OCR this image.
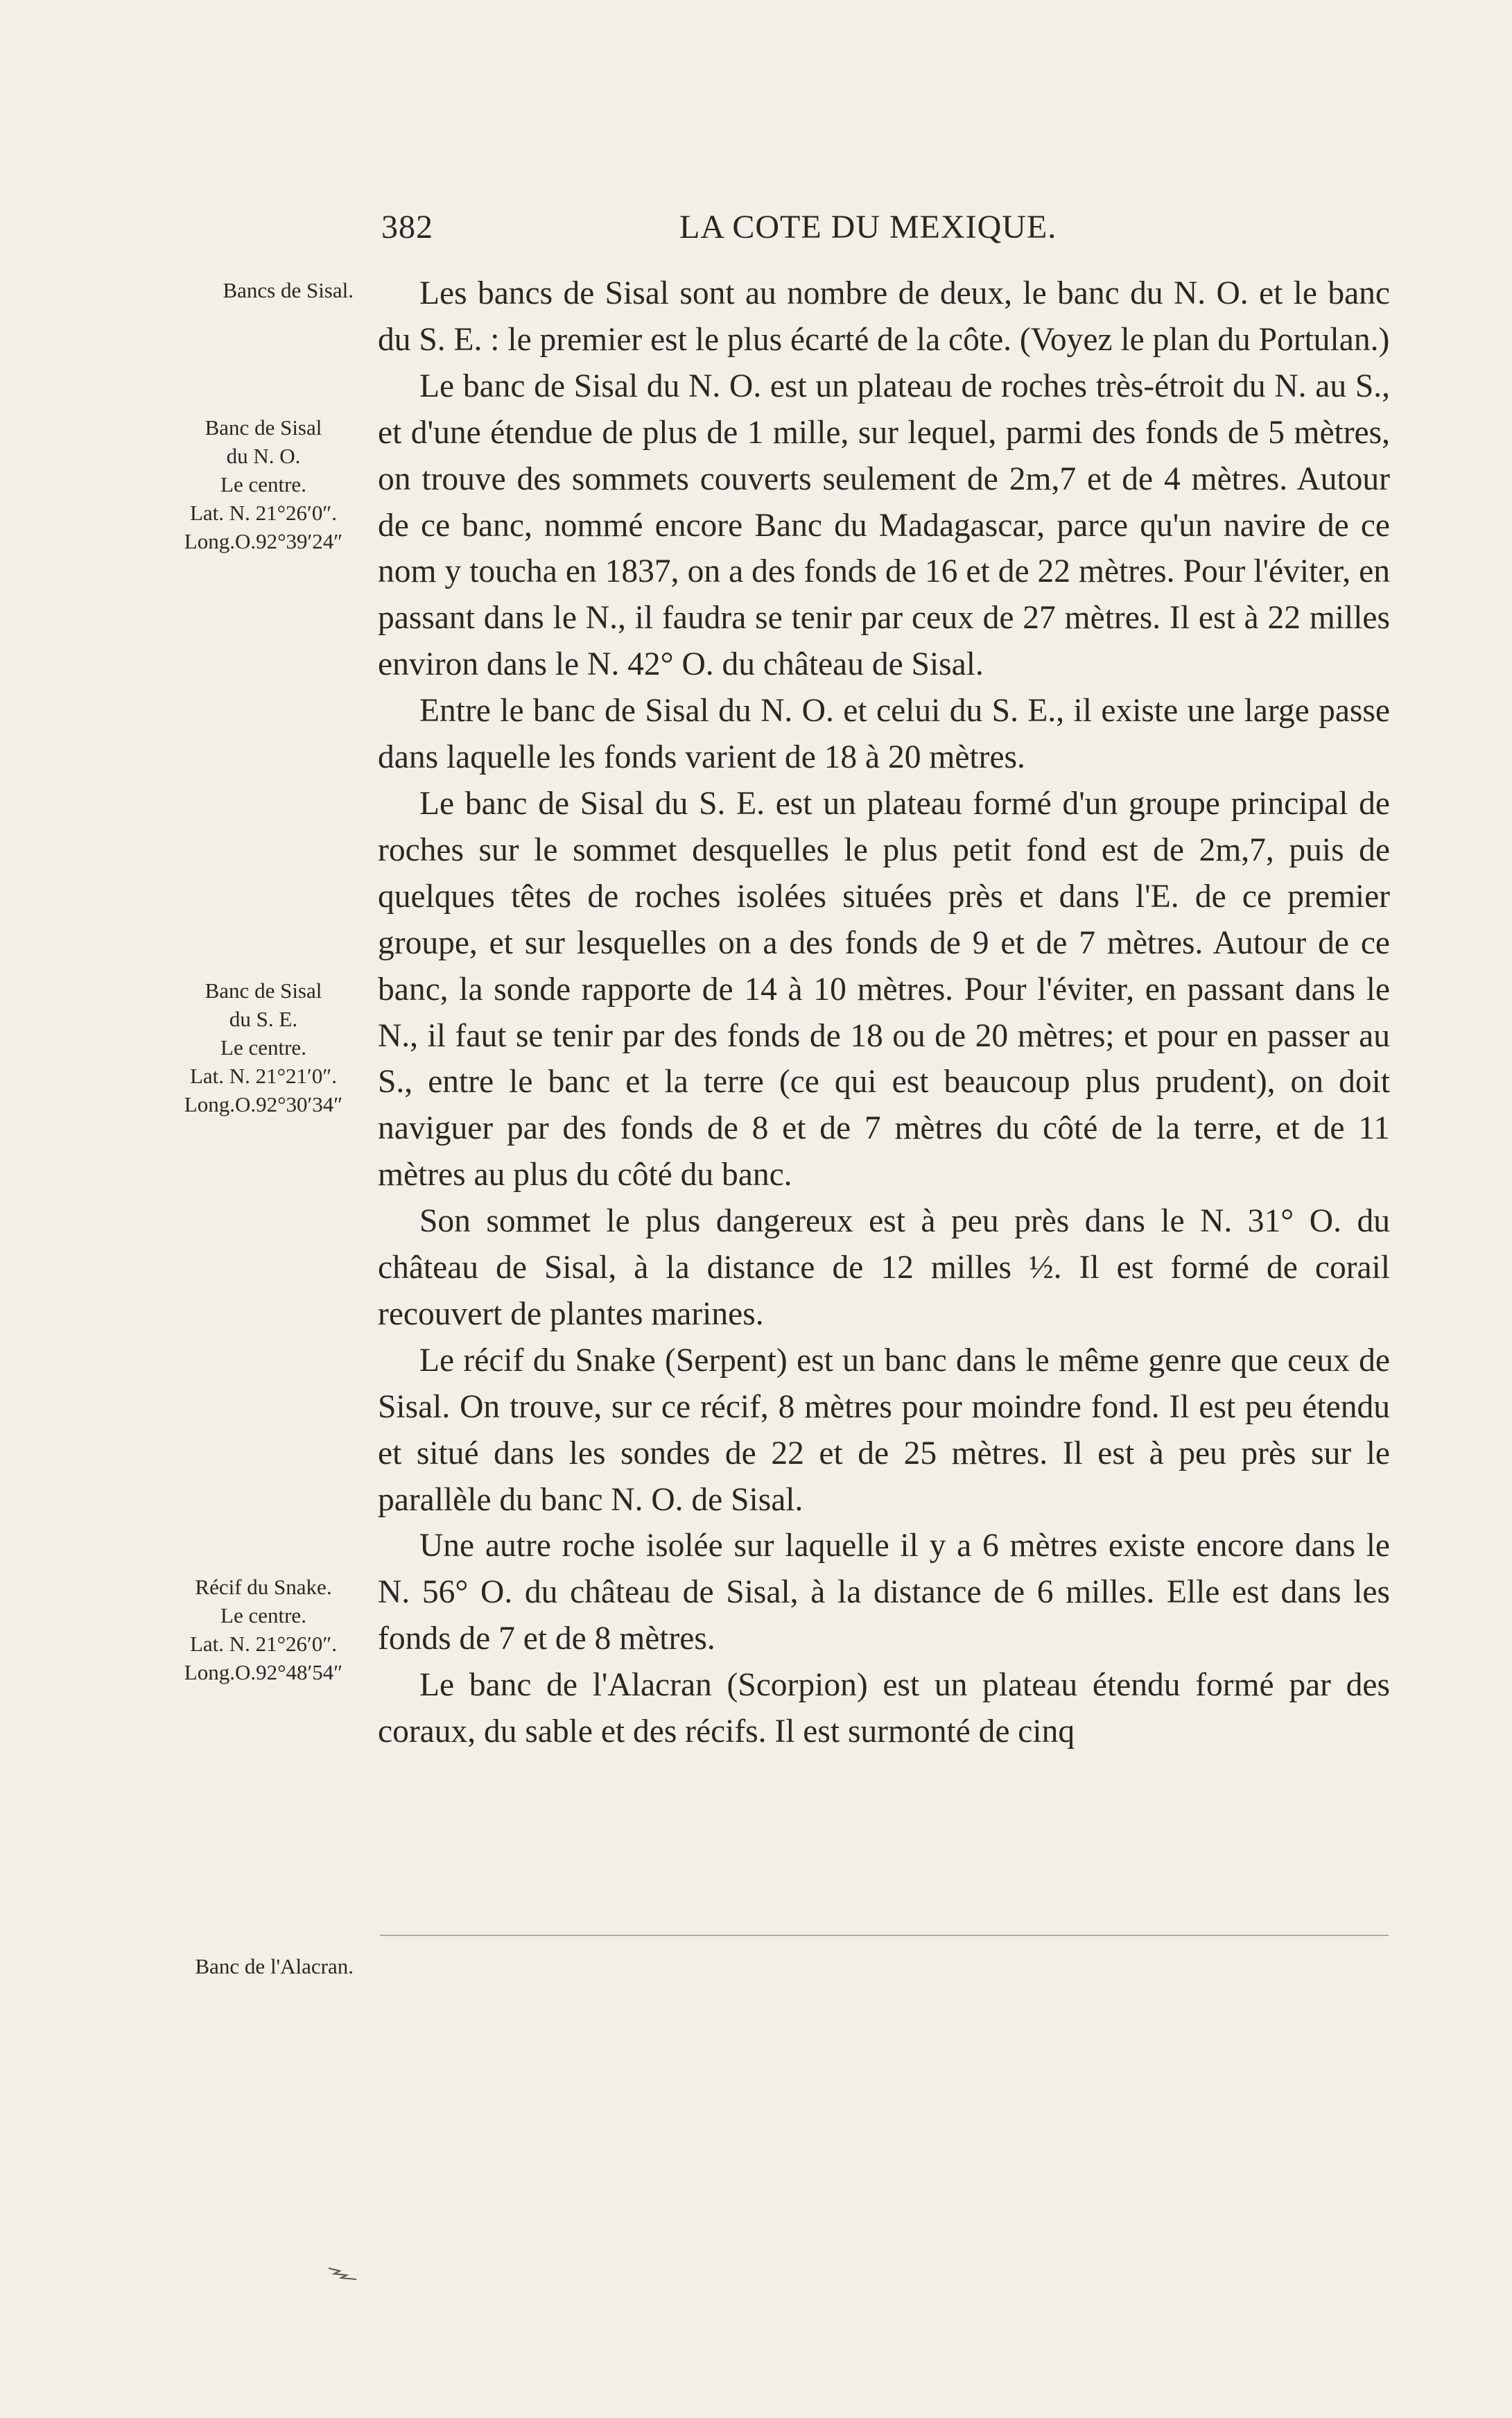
382	LA COTE DU MEXIQUE.
Bancs de Sisal.
Banc de Sisal
du N. O.
Le centre.
Lat. N. 21°26′0″.
Long.O.92°39′24″
Banc de Sisal
du S. E.
Le centre.
Lat. N. 21°21′0″.
Long.O.92°30′34″
Récif du Snake.
Le centre.
Lat. N. 21°26′0″.
Long.O.92°48′54″
Banc de l'Alacran.

Les bancs de Sisal sont au nombre de deux, le banc du N. O. et le banc du S. E. : le premier est le plus écarté de la côte. (Voyez le plan du Portulan.)

Le banc de Sisal du N. O. est un plateau de roches très-étroit du N. au S., et d'une étendue de plus de 1 mille, sur lequel, parmi des fonds de 5 mètres, on trouve des sommets couverts seulement de 2m,7 et de 4 mètres. Autour de ce banc, nommé encore Banc du Madagascar, parce qu'un navire de ce nom y toucha en 1837, on a des fonds de 16 et de 22 mètres. Pour l'éviter, en passant dans le N., il faudra se tenir par ceux de 27 mètres. Il est à 22 milles environ dans le N. 42° O. du château de Sisal.

Entre le banc de Sisal du N. O. et celui du S. E., il existe une large passe dans laquelle les fonds varient de 18 à 20 mètres.

Le banc de Sisal du S. E. est un plateau formé d'un groupe principal de roches sur le sommet desquelles le plus petit fond est de 2m,7, puis de quelques têtes de roches isolées situées près et dans l'E. de ce premier groupe, et sur lesquelles on a des fonds de 9 et de 7 mètres. Autour de ce banc, la sonde rapporte de 14 à 10 mètres. Pour l'éviter, en passant dans le N., il faut se tenir par des fonds de 18 ou de 20 mètres; et pour en passer au S., entre le banc et la terre (ce qui est beaucoup plus prudent), on doit naviguer par des fonds de 8 et de 7 mètres du côté de la terre, et de 11 mètres au plus du côté du banc.

Son sommet le plus dangereux est à peu près dans le N. 31° O. du château de Sisal, à la distance de 12 milles ½. Il est formé de corail recouvert de plantes marines.

Le récif du Snake (Serpent) est un banc dans le même genre que ceux de Sisal. On trouve, sur ce récif, 8 mètres pour moindre fond. Il est peu étendu et situé dans les sondes de 22 et de 25 mètres. Il est à peu près sur le parallèle du banc N. O. de Sisal.

Une autre roche isolée sur laquelle il y a 6 mètres existe encore dans le N. 56° O. du château de Sisal, à la distance de 6 milles. Elle est dans les fonds de 7 et de 8 mètres.

Le banc de l'Alacran (Scorpion) est un plateau étendu formé par des coraux, du sable et des récifs. Il est surmonté de cinq
